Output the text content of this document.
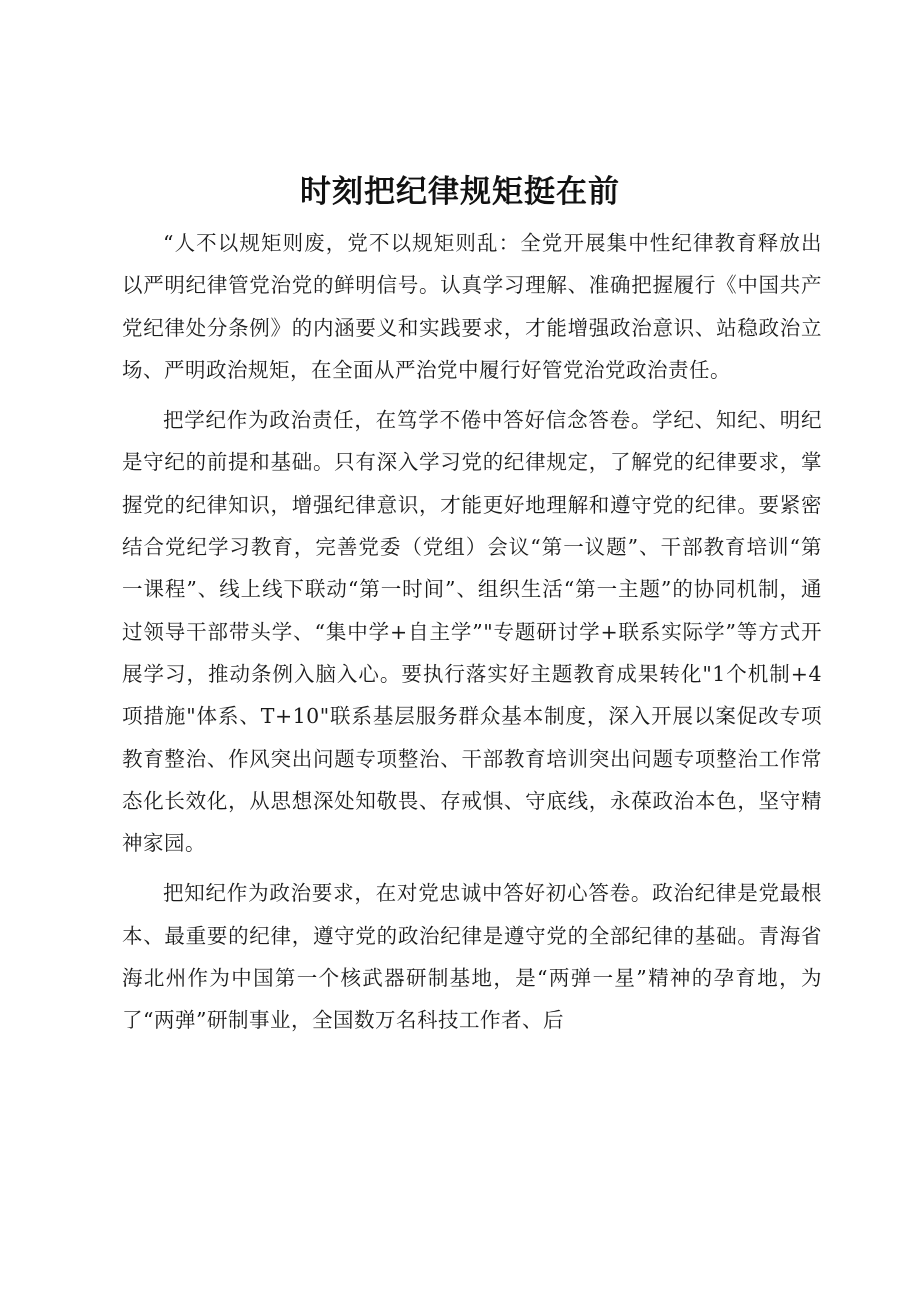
时刻把纪律规矩挺在前

“人不以规矩则废，党不以规矩则乱：全党开展集中性纪律教育释放出以严明纪律管党治党的鲜明信号。认真学习理解、准确把握履行《中国共产党纪律处分条例》的内涵要义和实践要求，才能增强政治意识、站稳政治立场、严明政治规矩，在全面从严治党中履行好管党治党政治责任。

把学纪作为政治责任，在笃学不倦中答好信念答卷。学纪、知纪、明纪是守纪的前提和基础。只有深入学习党的纪律规定，了解党的纪律要求，掌握党的纪律知识，增强纪律意识，才能更好地理解和遵守党的纪律。要紧密结合党纪学习教育，完善党委（党组）会议“第一议题”、干部教育培训“第一课程”、线上线下联动“第一时间”、组织生活“第一主题”的协同机制，通过领导干部带头学、“集中学+自主学”"专题研讨学+联系实际学”等方式开展学习，推动条例入脑入心。要执行落实好主题教育成果转化"1个机制+4项措施"体系、T+10"联系基层服务群众基本制度，深入开展以案促改专项教育整治、作风突出问题专项整治、干部教育培训突出问题专项整治工作常态化长效化，从思想深处知敬畏、存戒惧、守底线，永葆政治本色，坚守精神家园。

把知纪作为政治要求，在对党忠诚中答好初心答卷。政治纪律是党最根本、最重要的纪律，遵守党的政治纪律是遵守党的全部纪律的基础。青海省海北州作为中国第一个核武器研制基地，是“两弹一星”精神的孕育地，为了“两弹”研制事业，全国数万名科技工作者、后
